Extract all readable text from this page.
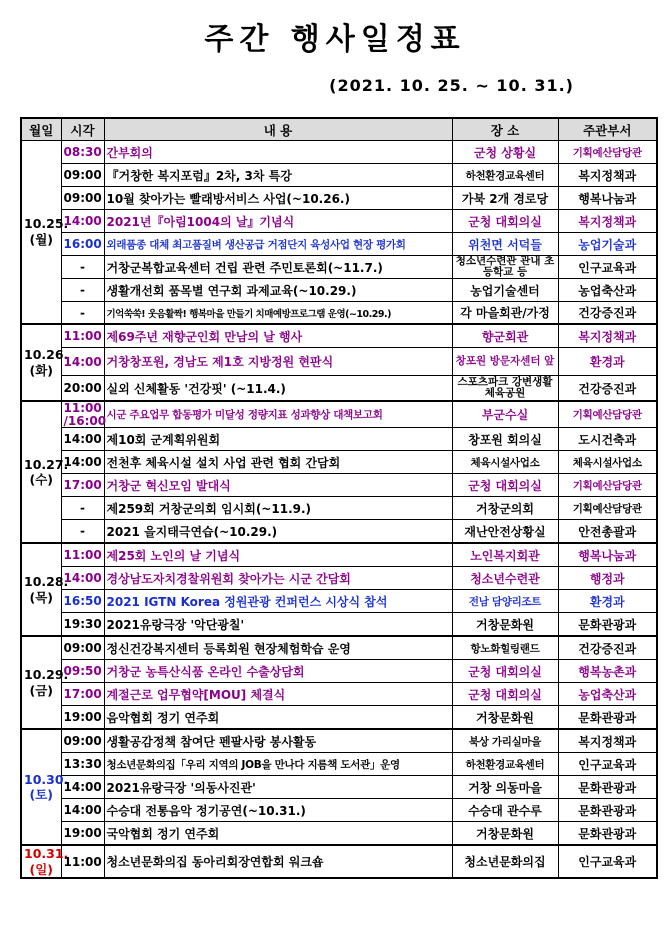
주간 행사일정표
(2021. 10. 25. ~ 10. 31.)
월일	시각	내 용	장 소	주관부서

10.25.
(월)	08:30	간부회의	군청 상황실	기획예산담당관
	09:00	『거창한 복지포럼』2차, 3차 특강	하천환경교육센터	복지정책과
	09:00	10월 찾아가는 빨래방서비스 사업(~10.26.)	가북 2개 경로당	행복나눔과
	14:00	2021년『아림1004의 날』기념식	군청 대회의실	복지정책과
	16:00	외래품종 대체 최고품질벼 생산공급 거점단지 육성사업 현장 평가회	위천면 서덕들	농업기술과
	-	거창군복합교육센터 건립 관련 주민토론회(~11.7.)	청소년수련관 관내 초등학교 등	인구교육과
	-	생활개선회 품목별 연구회 과제교육(~10.29.)	농업기술센터	농업축산과
	-	기억쑥쑥! 웃음활짝! 행복마을 만들기 치매예방프로그램 운영(~10.29.)	각 마을회관/가정	건강증진과

10.26.
(화)	11:00	제69주년 재향군인회 만남의 날 행사	향군회관	복지정책과
	14:00	거창창포원, 경남도 제1호 지방정원 현판식	창포원 방문자센터 앞	환경과
	20:00	실외 신체활동 '건강핏' (~11.4.)	스포츠파크 강변생활체육공원	건강증진과

10.27.
(수)	11:00 /16:00	시군 주요업무 합동평가 미달성 정량지표 성과향상 대책보고회	부군수실	기획예산담당관
	14:00	제10회 군계획위원회	창포원 회의실	도시건축과
	14:00	전천후 체육시설 설치 사업 관련 협회 간담회	체육시설사업소	체육시설사업소
	17:00	거창군 혁신모임 발대식	군청 대회의실	기획예산담당관
	-	제259회 거창군의회 임시회(~11.9.)	거창군의회	기획예산담당관
	-	2021 을지태극연습(~10.29.)	재난안전상황실	안전총괄과

10.28.
(목)	11:00	제25회 노인의 날 기념식	노인복지회관	행복나눔과
	14:00	경상남도자치경찰위원회 찾아가는 시군 간담회	청소년수련관	행정과
	16:50	2021 IGTN Korea 정원관광 컨퍼런스 시상식 참석	전남 담양리조트	환경과
	19:30	2021유랑극장 '악단광칠'	거창문화원	문화관광과

10.29.
(금)	09:00	정신건강복지센터 등록회원 현장체험학습 운영	항노화힐링랜드	건강증진과
	09:50	거창군 농특산식품 온라인 수출상담회	군청 대회의실	행복농촌과
	17:00	계절근로 업무협약[MOU] 체결식	군청 대회의실	농업축산과
	19:00	음악협회 정기 연주회	거창문화원	문화관광과

10.30.
(토)	09:00	생활공감정책 참여단 펜팔사랑 봉사활동	북상 가리실마을	복지정책과
	13:30	청소년문화의집「우리 지역의 JOB을 만나다 지름책 도서관」운영	하천환경교육센터	인구교육과
	14:00	2021유랑극장 '의동사진관'	거창 의동마을	문화관광과
	14:00	수승대 전통음악 정기공연(~10.31.)	수승대 관수루	문화관광과
	19:00	국악협회 정기 연주회	거창문화원	문화관광과

10.31.
(일)	11:00	청소년문화의집 동아리회장연합회 워크숍	청소년문화의집	인구교육과
